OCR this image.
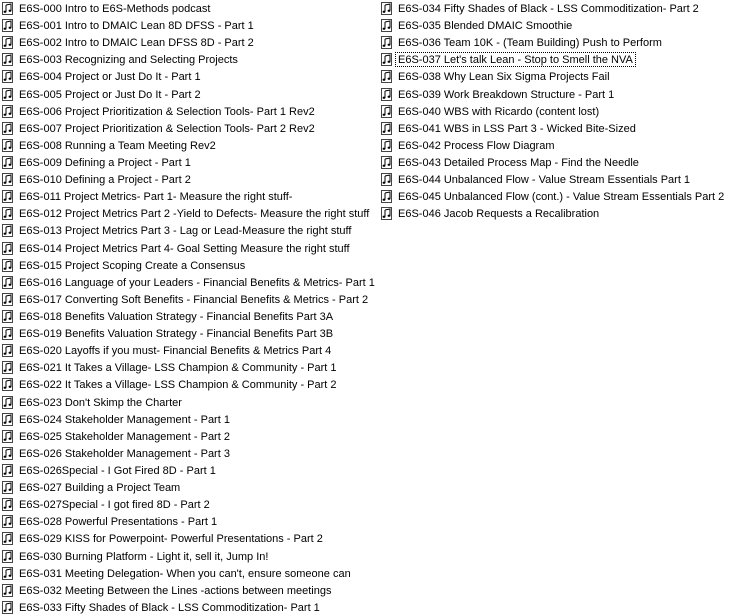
E6S-000 Intro to E6S-Methods podcast
E6S-001 Intro to DMAIC Lean 8D DFSS - Part 1
E6S-002 Intro to DMAIC Lean DFSS 8D - Part 2
E6S-003 Recognizing and Selecting Projects
E6S-004 Project or Just Do It - Part 1
E6S-005 Project or Just Do It - Part 2
E6S-006 Project Prioritization & Selection Tools- Part 1 Rev2
E6S-007 Project Prioritization & Selection Tools- Part 2 Rev2
E6S-008 Running a Team Meeting Rev2
E6S-009 Defining a Project - Part 1
E6S-010 Defining a Project - Part 2
E6S-011 Project Metrics- Part 1- Measure the right stuff-
E6S-012 Project Metrics Part 2 -Yield to Defects- Measure the right stuff
E6S-013 Project Metrics Part 3 - Lag or Lead-Measure the right stuff
E6S-014 Project Metrics Part 4- Goal Setting Measure the right stuff
E6S-015 Project Scoping Create a Consensus
E6S-016 Language of your Leaders - Financial Benefits & Metrics- Part 1
E6S-017 Converting Soft Benefits - Financial Benefits & Metrics - Part 2
E6S-018 Benefits Valuation Strategy - Financial Benefits Part 3A
E6S-019 Benefits Valuation Strategy - Financial Benefits Part 3B
E6S-020 Layoffs if you must- Financial Benefits & Metrics Part 4
E6S-021 It Takes a Village- LSS Champion & Community - Part 1
E6S-022 It Takes a Village- LSS Champion & Community - Part 2
E6S-023 Don't Skimp the Charter
E6S-024 Stakeholder Management - Part 1
E6S-025 Stakeholder Management - Part 2
E6S-026 Stakeholder Management - Part 3
E6S-026Special - I Got Fired 8D - Part 1
E6S-027 Building a Project Team
E6S-027Special - I got fired 8D - Part 2
E6S-028 Powerful Presentations - Part 1
E6S-029 KISS for Powerpoint- Powerful Presentations - Part 2
E6S-030 Burning Platform - Light it, sell it, Jump In!
E6S-031 Meeting Delegation- When you can't, ensure someone can
E6S-032 Meeting Between the Lines -actions between meetings
E6S-033 Fifty Shades of Black - LSS Commoditization- Part 1
E6S-034 Fifty Shades of Black - LSS Commoditization- Part 2
E6S-035 Blended DMAIC Smoothie
E6S-036 Team 10K - (Team Building) Push to Perform
E6S-037 Let's talk Lean - Stop to Smell the NVA
E6S-038 Why Lean Six Sigma Projects Fail
E6S-039 Work Breakdown Structure - Part 1
E6S-040 WBS with Ricardo (content lost)
E6S-041 WBS in LSS Part 3 - Wicked Bite-Sized
E6S-042 Process Flow Diagram
E6S-043 Detailed Process Map - Find the Needle
E6S-044 Unbalanced Flow - Value Stream Essentials Part 1
E6S-045 Unbalanced Flow (cont.) - Value Stream Essentials Part 2
E6S-046 Jacob Requests a Recalibration
